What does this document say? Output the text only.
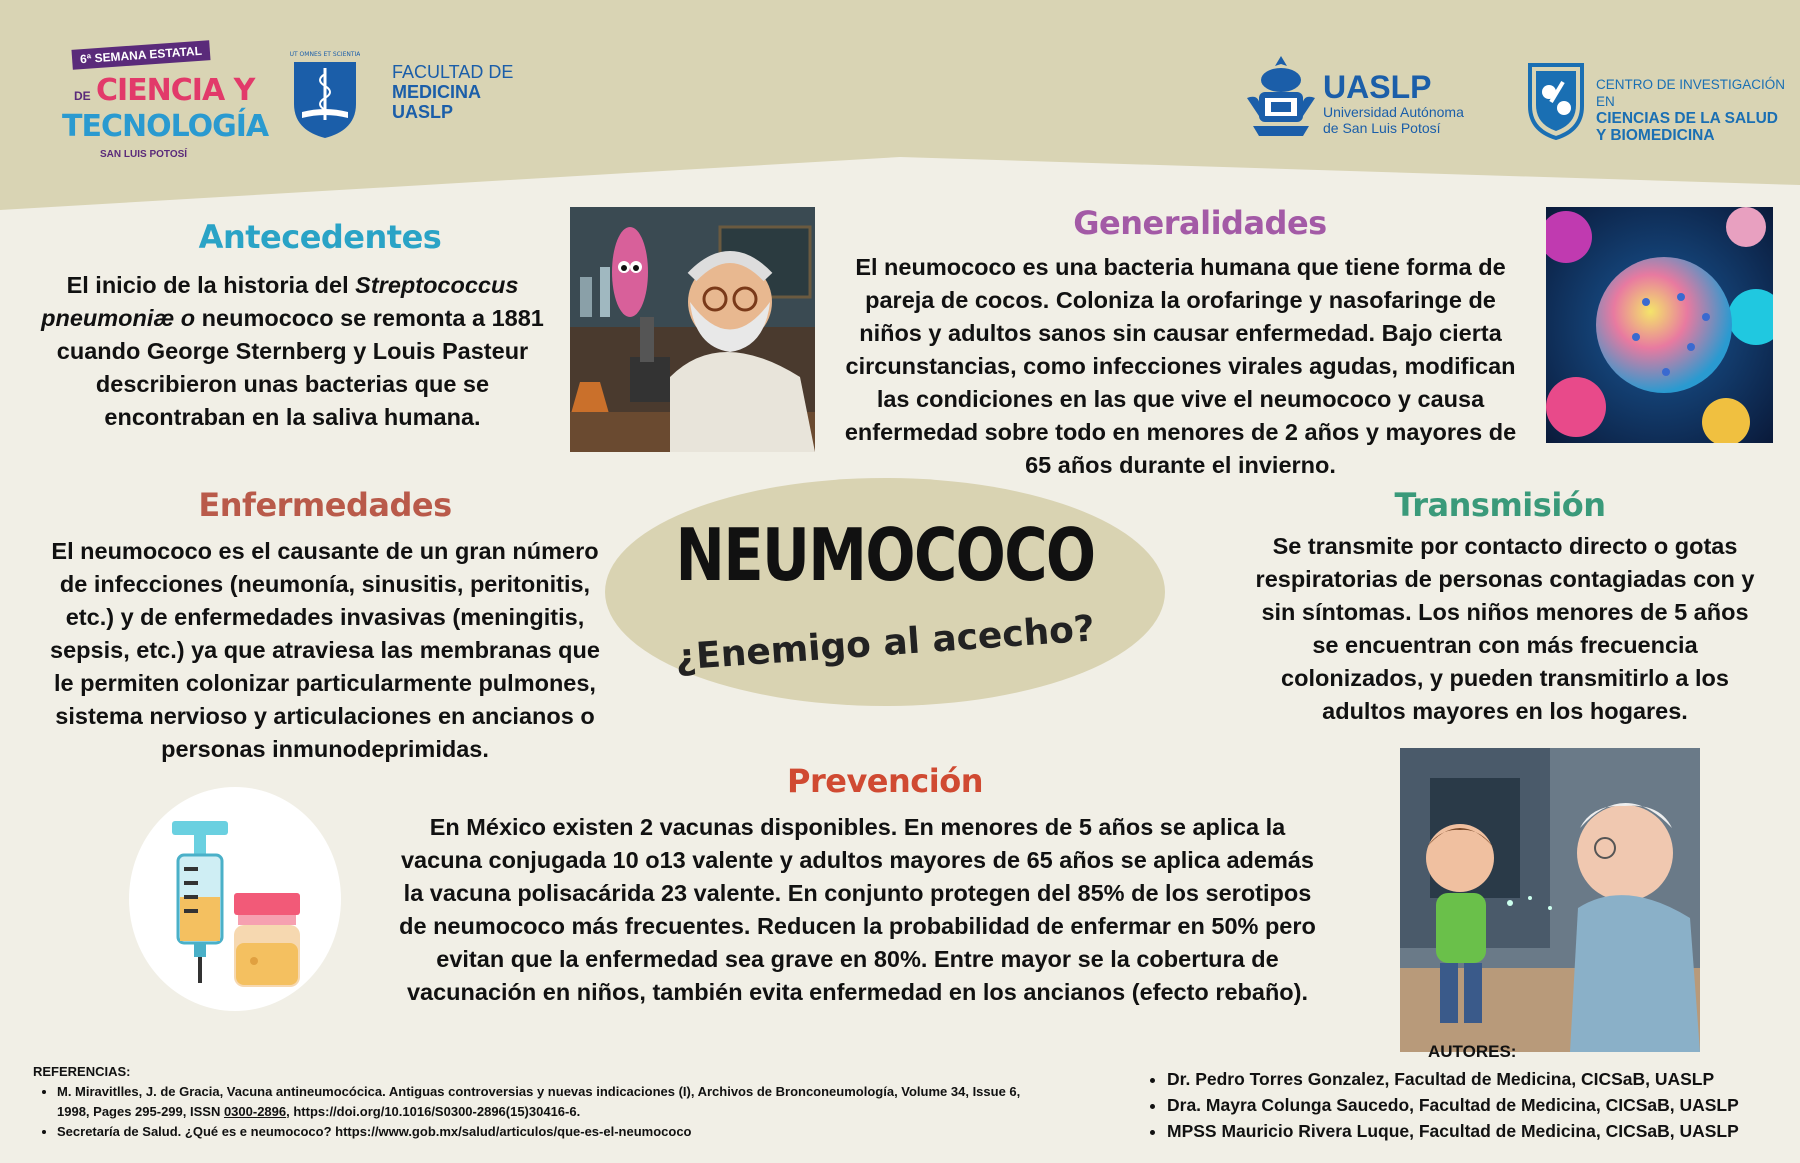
6ª SEMANA ESTATAL
DE CIENCIA Y
TECNOLOGÍA
SAN LUIS POTOSÍ
UT OMNES ET SCIENTIA
FACULTAD DE
MEDICINA
UASLP
UASLP
Universidad Autónoma
de San Luis Potosí
CENTRO DE INVESTIGACIÓN EN
CIENCIAS DE LA SALUD
Y BIOMEDICINA
Antecedentes
El inicio de la historia del Streptococcus pneumoniæ o neumococo se remonta a 1881 cuando George Sternberg y Louis Pasteur describieron unas bacterias que se encontraban en la saliva humana.
Generalidades
El neumococo es una bacteria humana que tiene forma de pareja de cocos. Coloniza la orofaringe y nasofaringe de niños y adultos sanos sin causar enfermedad. Bajo cierta circunstancias, como infecciones virales agudas, modifican las condiciones en las que vive el neumococo y causa enfermedad sobre todo en menores de 2 años y mayores de 65 años durante el invierno.
Enfermedades
El neumococo es el causante de un gran número de infecciones (neumonía, sinusitis, peritonitis, etc.) y de enfermedades invasivas (meningitis, sepsis, etc.) ya que atraviesa las membranas que le permiten colonizar particularmente pulmones, sistema nervioso y articulaciones en ancianos o personas inmunodeprimidas.
NEUMOCOCO
¿Enemigo al acecho?
Transmisión
Se transmite por contacto directo o gotas respiratorias de personas contagiadas con y sin síntomas. Los niños menores de 5 años se encuentran con más frecuencia colonizados, y pueden transmitirlo a los adultos mayores en los hogares.
Prevención
En México existen 2 vacunas disponibles. En menores de 5 años se aplica la vacuna conjugada 10 o13 valente y adultos mayores de 65 años se aplica además la vacuna polisacárida 23 valente. En conjunto protegen del 85% de los serotipos de neumococo más frecuentes. Reducen la probabilidad de enfermar en 50% pero evitan que la enfermedad sea grave en 80%. Entre mayor se la cobertura de vacunación en niños, también evita enfermedad en los ancianos (efecto rebaño).
REFERENCIAS:
• M. Miravitlles, J. de Gracia, Vacuna antineumocócica. Antiguas controversias y nuevas indicaciones (I), Archivos de Bronconeumología, Volume 34, Issue 6, 1998, Pages 295-299, ISSN 0300-2896, https://doi.org/10.1016/S0300-2896(15)30416-6.
• Secretaría de Salud. ¿Qué es e neumococo? https://www.gob.mx/salud/articulos/que-es-el-neumococo
AUTORES:
• Dr. Pedro Torres Gonzalez, Facultad de Medicina, CICSaB, UASLP
• Dra. Mayra Colunga Saucedo, Facultad de Medicina, CICSaB, UASLP
• MPSS Mauricio Rivera Luque, Facultad de Medicina, CICSaB, UASLP
